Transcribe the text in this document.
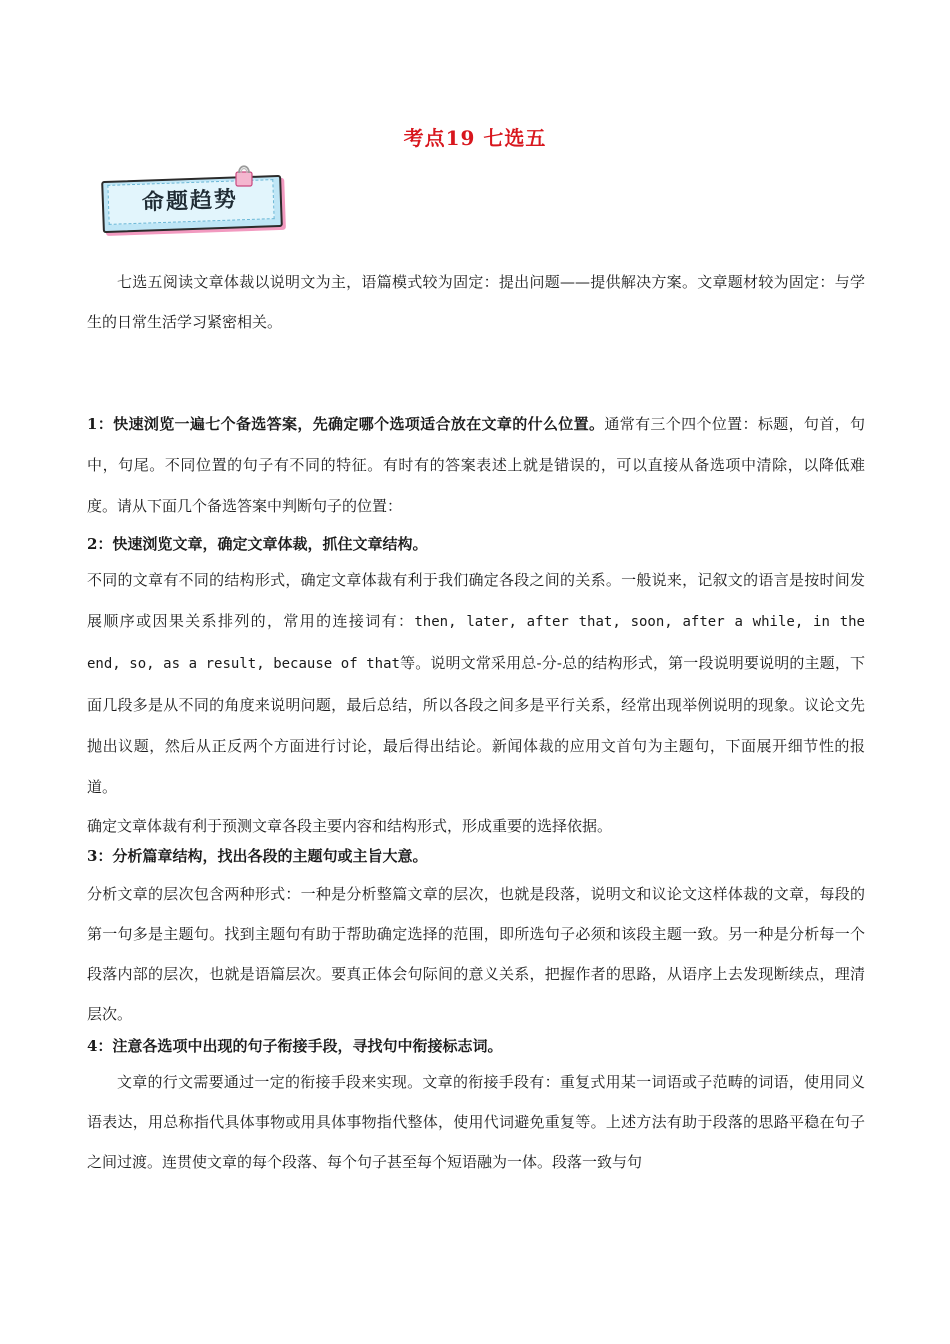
考点19 七选五
命题趋势

七选五阅读文章体裁以说明文为主，语篇模式较为固定：提出问题——提供解决方案。文章题材较为固定：与学生的日常生活学习紧密相关。

1：快速浏览一遍七个备选答案，先确定哪个选项适合放在文章的什么位置。通常有三个四个位置：标题，句首，句中，句尾。不同位置的句子有不同的特征。有时有的答案表述上就是错误的，可以直接从备选项中清除，以降低难度。请从下面几个备选答案中判断句子的位置：

2：快速浏览文章，确定文章体裁，抓住文章结构。

不同的文章有不同的结构形式，确定文章体裁有利于我们确定各段之间的关系。一般说来，记叙文的语言是按时间发展顺序或因果关系排列的，常用的连接词有：then, later, after that, soon, after a while, in the end, so, as a result, because of that等。说明文常采用总-分-总的结构形式，第一段说明要说明的主题，下面几段多是从不同的角度来说明问题，最后总结，所以各段之间多是平行关系，经常出现举例说明的现象。议论文先抛出议题，然后从正反两个方面进行讨论，最后得出结论。新闻体裁的应用文首句为主题句，下面展开细节性的报道。

确定文章体裁有利于预测文章各段主要内容和结构形式，形成重要的选择依据。

3：分析篇章结构，找出各段的主题句或主旨大意。

分析文章的层次包含两种形式：一种是分析整篇文章的层次，也就是段落，说明文和议论文这样体裁的文章，每段的第一句多是主题句。找到主题句有助于帮助确定选择的范围，即所选句子必须和该段主题一致。另一种是分析每一个段落内部的层次，也就是语篇层次。要真正体会句际间的意义关系，把握作者的思路，从语序上去发现断续点，理清层次。

4：注意各选项中出现的句子衔接手段，寻找句中衔接标志词。

文章的行文需要通过一定的衔接手段来实现。文章的衔接手段有：重复式用某一词语或子范畴的词语，使用同义语表达，用总称指代具体事物或用具体事物指代整体，使用代词避免重复等。上述方法有助于段落的思路平稳在句子之间过渡。连贯使文章的每个段落、每个句子甚至每个短语融为一体。段落一致与句
